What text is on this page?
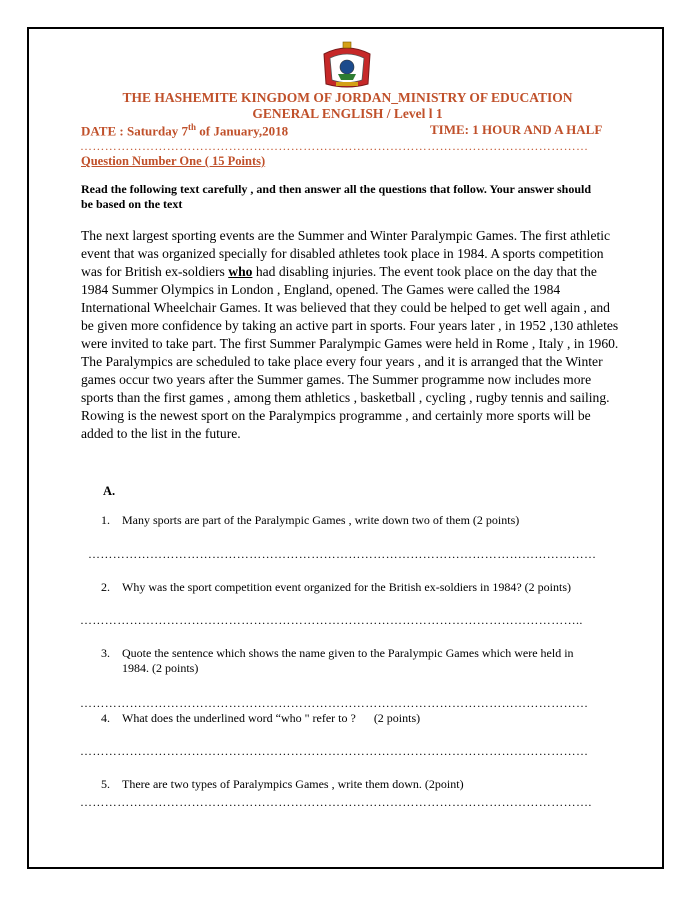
THE HASHEMITE KINGDOM OF JORDAN_MINISTRY OF EDUCATION
GENERAL ENGLISH / Level l 1
DATE : Saturday 7th of January,2018	TIME: 1 HOUR AND A HALF
……………………………………………………………………………………………………………
Question Number One ( 15 Points)
Read the following text carefully , and then answer all the questions that follow. Your answer should be based on the text
The next largest sporting events are the Summer and Winter Paralympic Games. The first athletic event that was organized specially for disabled athletes took place in 1984. A sports competition was for British ex-soldiers who had disabling injuries. The event took place on the day that the 1984 Summer Olympics in London , England, opened. The Games were called the 1984 International Wheelchair Games. It was believed that they could be helped to get well again , and be given more confidence by taking an active part in sports. Four years later , in 1952 ,130 athletes were invited to take part. The first Summer Paralympic Games were held in Rome , Italy , in 1960.
The Paralympics are scheduled to take place every four years , and it is arranged that the Winter games occur two years after the Summer games. The Summer programme now includes more sports than the first games , among them athletics , basketball , cycling , rugby tennis and sailing. Rowing is the newest sport on the Paralympics programme , and certainly more sports will be added to the list in the future.
A.
1. Many sports are part of the Paralympic Games , write down two of them (2 points)
……………………………………………………………………………………………………………
2. Why was the sport competition event organized for the British ex-soldiers in 1984? (2 points)
…………………………………………………………………………………………………………..
3. Quote the sentence which shows the name given to the Paralympic Games which were held in 1984. (2 points)
……………………………………………………………………………………………………………
4. What does the underlined word “who " refer to ?      (2 points)
……………………………………………………………………………………………………………
5. There are two types of Paralympics Games , write them down. (2point)
…………………………………………………………………………………………………………….
